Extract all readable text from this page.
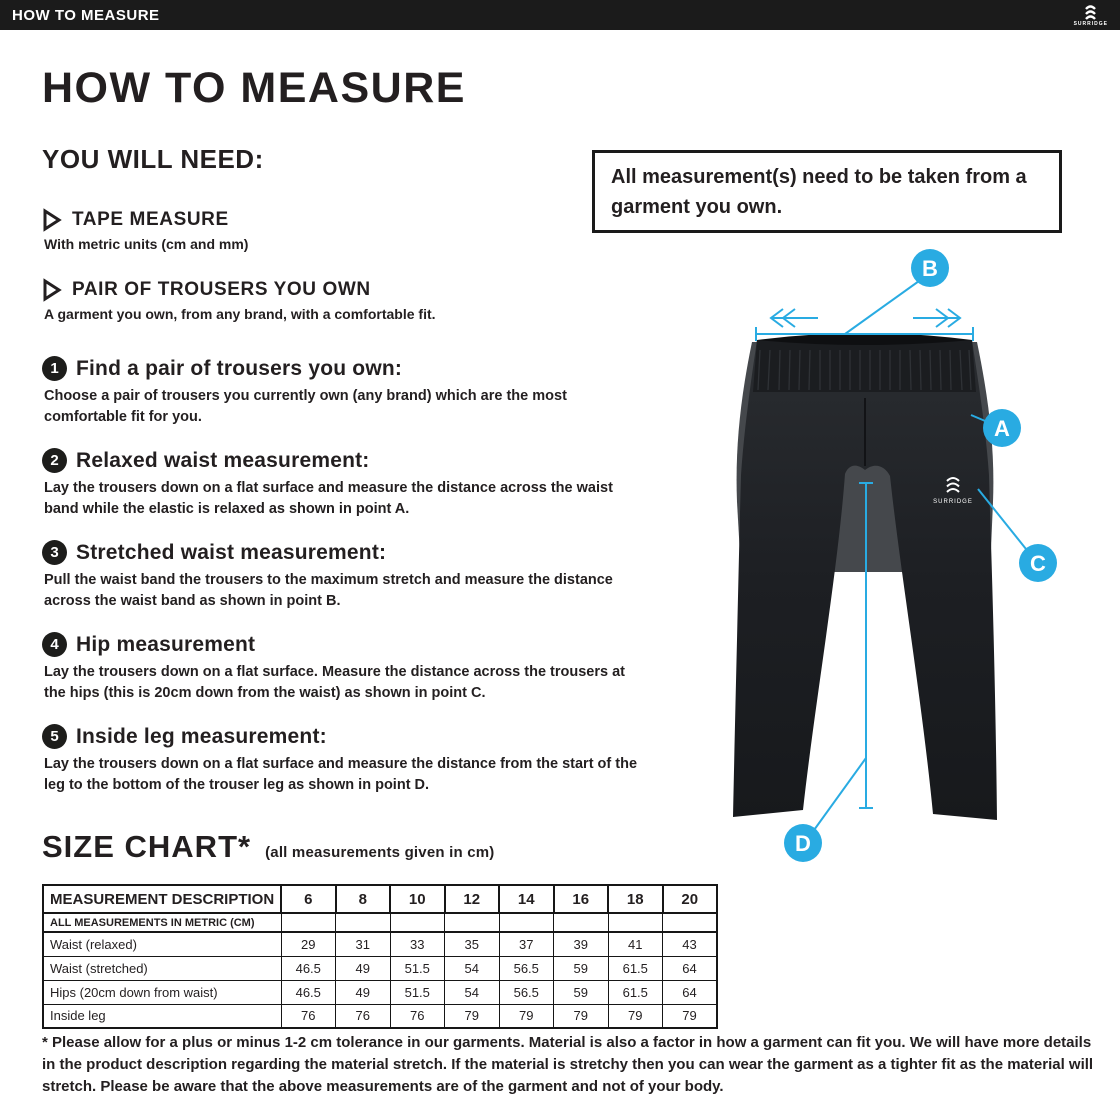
HOW TO MEASURE
SURRIDGE
HOW TO MEASURE
YOU WILL NEED:
TAPE MEASURE
With metric units (cm and mm)
PAIR OF TROUSERS YOU OWN
A garment you own, from any brand, with a comfortable fit.
All measurement(s) need to be taken from a garment you own.
1 Find a pair of trousers you own:
Choose a pair of trousers you currently own (any brand) which are the most comfortable fit for you.
2 Relaxed waist measurement:
Lay the trousers down on a flat surface and measure the distance across the waist band while the elastic is relaxed as shown in point A.
3 Stretched waist measurement:
Pull the waist band the trousers to the maximum stretch and measure the distance across the waist band as shown in point B.
4 Hip measurement
Lay the trousers down on a flat surface. Measure the distance across the trousers at the hips (this is 20cm down from the waist) as shown in point C.
5 Inside leg measurement:
Lay the trousers down on a flat surface and measure the distance from the start of the leg to the bottom of the trouser leg as shown in point D.
SURRIDGE
B
A
C
D
SIZE CHART* (all measurements given in cm)
MEASUREMENT DESCRIPTION	6	8	10	12	14	16	18	20
ALL MEASUREMENTS IN METRIC (CM)								
Waist (relaxed)	29	31	33	35	37	39	41	43
Waist (stretched)	46.5	49	51.5	54	56.5	59	61.5	64
Hips (20cm down from waist)	46.5	49	51.5	54	56.5	59	61.5	64
Inside leg	76	76	76	79	79	79	79	79
* Please allow for a plus or minus 1-2 cm tolerance in our garments. Material is also a factor in how a garment can fit you. We will have more details in the product description regarding the material stretch. If the material is stretchy then you can wear the garment as a tighter fit as the material will stretch. Please be aware that the above measurements are of the garment and not of your body.
